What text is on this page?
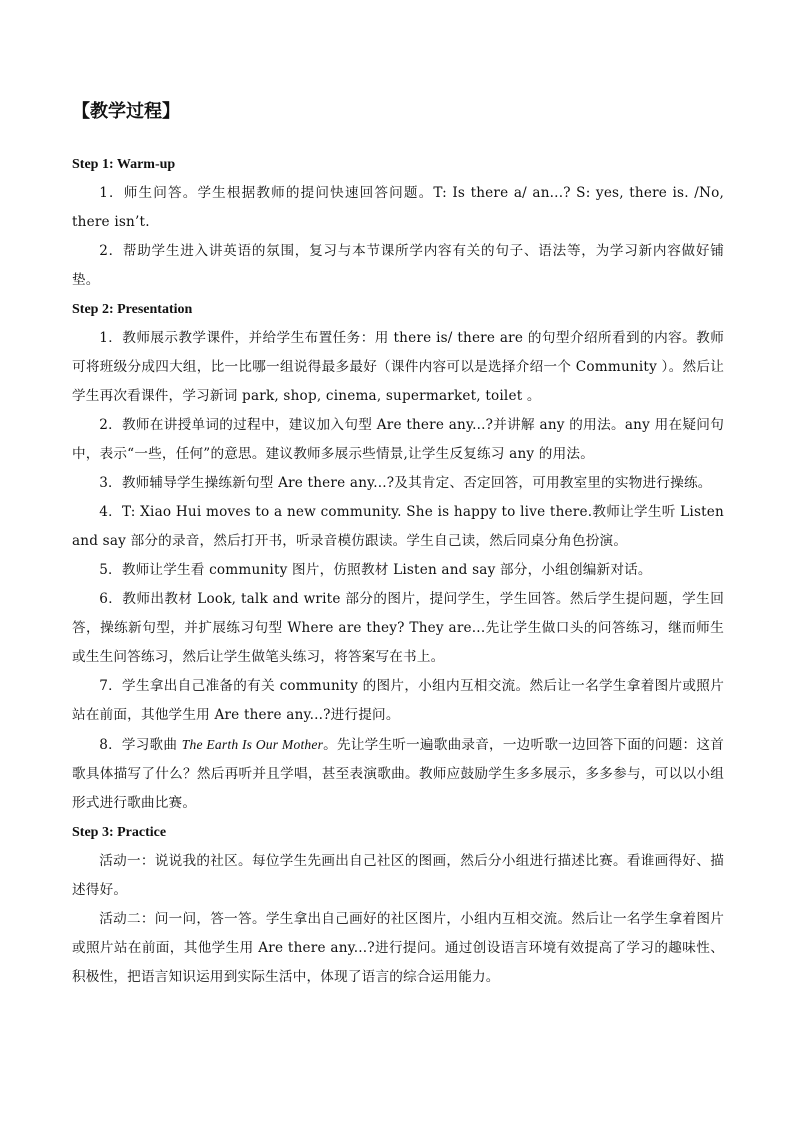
【教学过程】
Step 1: Warm-up

1．师生问答。学生根据教师的提问快速回答问题。T: Is there a/ an...? S: yes, there is. /No, there isn’t.

2．帮助学生进入讲英语的氛围，复习与本节课所学内容有关的句子、语法等，为学习新内容做好铺垫。

Step 2: Presentation

1．教师展示教学课件，并给学生布置任务：用 there is/ there are 的句型介绍所看到的内容。教师可将班级分成四大组，比一比哪一组说得最多最好（课件内容可以是选择介绍一个 Community ）。然后让学生再次看课件，学习新词 park, shop, cinema, supermarket, toilet 。

2．教师在讲授单词的过程中，建议加入句型 Are there any...?并讲解 any 的用法。any 用在疑问句中，表示“一些，任何”的意思。建议教师多展示些情景,让学生反复练习 any 的用法。

3．教师辅导学生操练新句型 Are there any...?及其肯定、否定回答，可用教室里的实物进行操练。

4．T: Xiao Hui moves to a new community. She is happy to live there.教师让学生听 Listen and say 部分的录音，然后打开书，听录音模仿跟读。学生自己读，然后同桌分角色扮演。

5．教师让学生看 community 图片，仿照教材 Listen and say 部分，小组创编新对话。

6．教师出教材 Look, talk and write 部分的图片，提问学生，学生回答。然后学生提问题，学生回答，操练新句型，并扩展练习句型 Where are they? They are...先让学生做口头的问答练习，继而师生或生生问答练习，然后让学生做笔头练习，将答案写在书上。

7．学生拿出自己准备的有关 community 的图片，小组内互相交流。然后让一名学生拿着图片或照片站在前面，其他学生用 Are there any...?进行提问。

8．学习歌曲 The Earth Is Our Mother。先让学生听一遍歌曲录音，一边听歌一边回答下面的问题：这首歌具体描写了什么？然后再听并且学唱，甚至表演歌曲。教师应鼓励学生多多展示，多多参与，可以以小组形式进行歌曲比赛。

Step 3: Practice

活动一：说说我的社区。每位学生先画出自己社区的图画，然后分小组进行描述比赛。看谁画得好、描述得好。

活动二：问一问，答一答。学生拿出自己画好的社区图片，小组内互相交流。然后让一名学生拿着图片或照片站在前面，其他学生用 Are there any...?进行提问。通过创设语言环境有效提高了学习的趣味性、积极性，把语言知识运用到实际生活中，体现了语言的综合运用能力。
